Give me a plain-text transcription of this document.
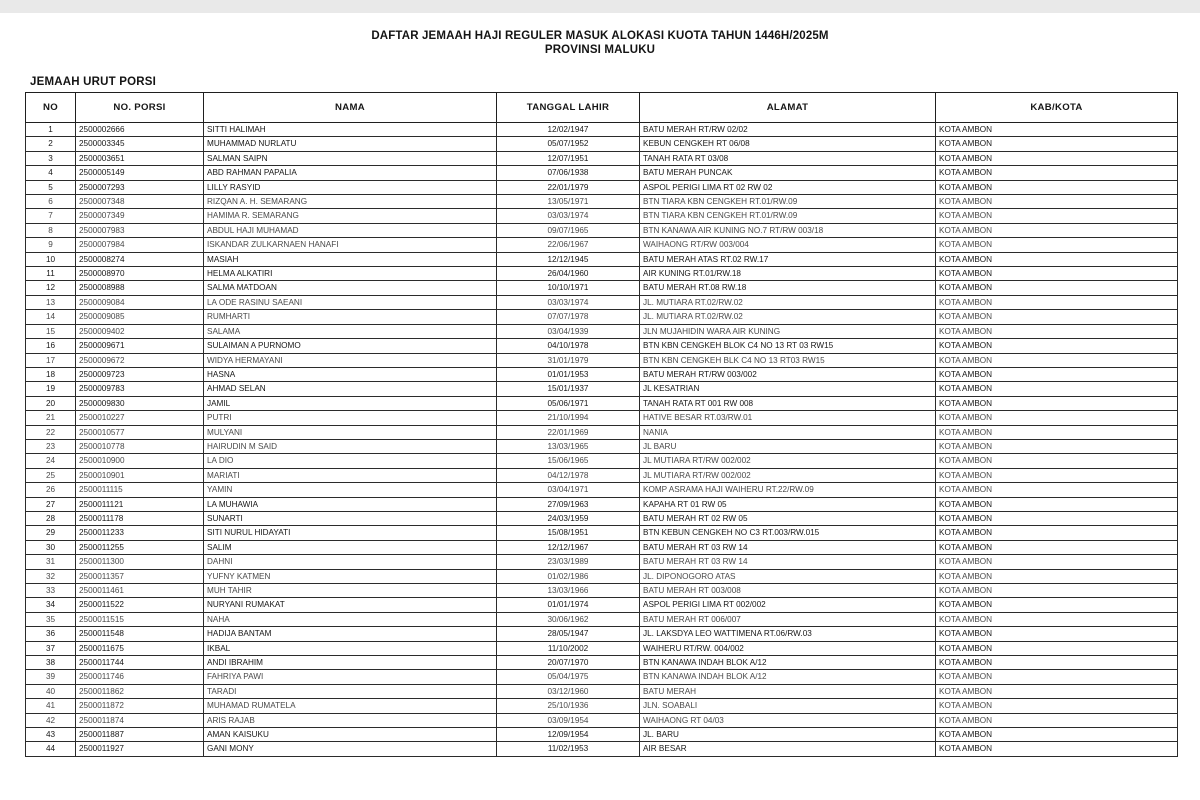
DAFTAR JEMAAH HAJI REGULER MASUK ALOKASI KUOTA TAHUN 1446H/2025M
PROVINSI MALUKU
JEMAAH URUT PORSI
NO	NO. PORSI	NAMA	TANGGAL LAHIR	ALAMAT	KAB/KOTA
1	2500002666	SITTI HALIMAH	12/02/1947	BATU MERAH RT/RW 02/02	KOTA AMBON
2	2500003345	MUHAMMAD NURLATU	05/07/1952	KEBUN CENGKEH RT 06/08	KOTA AMBON
3	2500003651	SALMAN SAIPN	12/07/1951	TANAH RATA RT 03/08	KOTA AMBON
4	2500005149	ABD RAHMAN PAPALIA	07/06/1938	BATU MERAH PUNCAK	KOTA AMBON
5	2500007293	LILLY RASYID	22/01/1979	ASPOL PERIGI LIMA RT 02 RW 02	KOTA AMBON
6	2500007348	RIZQAN A. H. SEMARANG	13/05/1971	BTN TIARA KBN CENGKEH RT.01/RW.09	KOTA AMBON
7	2500007349	HAMIMA R. SEMARANG	03/03/1974	BTN TIARA KBN CENGKEH RT.01/RW.09	KOTA AMBON
8	2500007983	ABDUL HAJI MUHAMAD	09/07/1965	BTN KANAWA AIR KUNING NO.7 RT/RW 003/18	KOTA AMBON
9	2500007984	ISKANDAR ZULKARNAEN HANAFI	22/06/1967	WAIHAONG RT/RW 003/004	KOTA AMBON
10	2500008274	MASIAH	12/12/1945	BATU MERAH ATAS RT.02 RW.17	KOTA AMBON
11	2500008970	HELMA ALKATIRI	26/04/1960	AIR KUNING RT.01/RW.18	KOTA AMBON
12	2500008988	SALMA MATDOAN	10/10/1971	BATU MERAH RT.08 RW.18	KOTA AMBON
13	2500009084	LA ODE RASINU SAEANI	03/03/1974	JL. MUTIARA RT.02/RW.02	KOTA AMBON
14	2500009085	RUMHARTI	07/07/1978	JL. MUTIARA RT.02/RW.02	KOTA AMBON
15	2500009402	SALAMA	03/04/1939	JLN MUJAHIDIN WARA AIR KUNING	KOTA AMBON
16	2500009671	SULAIMAN A PURNOMO	04/10/1978	BTN KBN CENGKEH BLOK C4 NO 13 RT 03 RW15	KOTA AMBON
17	2500009672	WIDYA HERMAYANI	31/01/1979	BTN KBN CENGKEH BLK C4 NO 13 RT03 RW15	KOTA AMBON
18	2500009723	HASNA	01/01/1953	BATU MERAH RT/RW 003/002	KOTA AMBON
19	2500009783	AHMAD SELAN	15/01/1937	JL KESATRIAN	KOTA AMBON
20	2500009830	JAMIL	05/06/1971	TANAH RATA RT 001 RW 008	KOTA AMBON
21	2500010227	PUTRI	21/10/1994	HATIVE BESAR RT.03/RW.01	KOTA AMBON
22	2500010577	MULYANI	22/01/1969	NANIA	KOTA AMBON
23	2500010778	HAIRUDIN M SAID	13/03/1965	JL BARU	KOTA AMBON
24	2500010900	LA DIO	15/06/1965	JL MUTIARA RT/RW 002/002	KOTA AMBON
25	2500010901	MARIATI	04/12/1978	JL MUTIARA RT/RW 002/002	KOTA AMBON
26	2500011115	YAMIN	03/04/1971	KOMP ASRAMA HAJI WAIHERU RT.22/RW.09	KOTA AMBON
27	2500011121	LA MUHAWIA	27/09/1963	KAPAHA RT 01 RW 05	KOTA AMBON
28	2500011178	SUNARTI	24/03/1959	BATU MERAH RT 02 RW 05	KOTA AMBON
29	2500011233	SITI NURUL HIDAYATI	15/08/1951	BTN KEBUN CENGKEH NO C3 RT.003/RW.015	KOTA AMBON
30	2500011255	SALIM	12/12/1967	BATU MERAH RT 03 RW 14	KOTA AMBON
31	2500011300	DAHNI	23/03/1989	BATU MERAH RT 03 RW 14	KOTA AMBON
32	2500011357	YUFNY KATMEN	01/02/1986	JL. DIPONOGORO ATAS	KOTA AMBON
33	2500011461	MUH TAHIR	13/03/1966	BATU MERAH RT 003/008	KOTA AMBON
34	2500011522	NURYANI RUMAKAT	01/01/1974	ASPOL PERIGI LIMA RT 002/002	KOTA AMBON
35	2500011515	NAHA	30/06/1962	BATU MERAH RT 006/007	KOTA AMBON
36	2500011548	HADIJA BANTAM	28/05/1947	JL. LAKSDYA LEO WATTIMENA RT.06/RW.03	KOTA AMBON
37	2500011675	IKBAL	11/10/2002	WAIHERU RT/RW. 004/002	KOTA AMBON
38	2500011744	ANDI IBRAHIM	20/07/1970	BTN KANAWA INDAH BLOK A/12	KOTA AMBON
39	2500011746	FAHRIYA PAWI	05/04/1975	BTN KANAWA INDAH BLOK A/12	KOTA AMBON
40	2500011862	TARADI	03/12/1960	BATU MERAH	KOTA AMBON
41	2500011872	MUHAMAD RUMATELA	25/10/1936	JLN. SOABALI	KOTA AMBON
42	2500011874	ARIS RAJAB	03/09/1954	WAIHAONG RT 04/03	KOTA AMBON
43	2500011887	AMAN KAISUKU	12/09/1954	JL. BARU	KOTA AMBON
44	2500011927	GANI MONY	11/02/1953	AIR BESAR	KOTA AMBON
